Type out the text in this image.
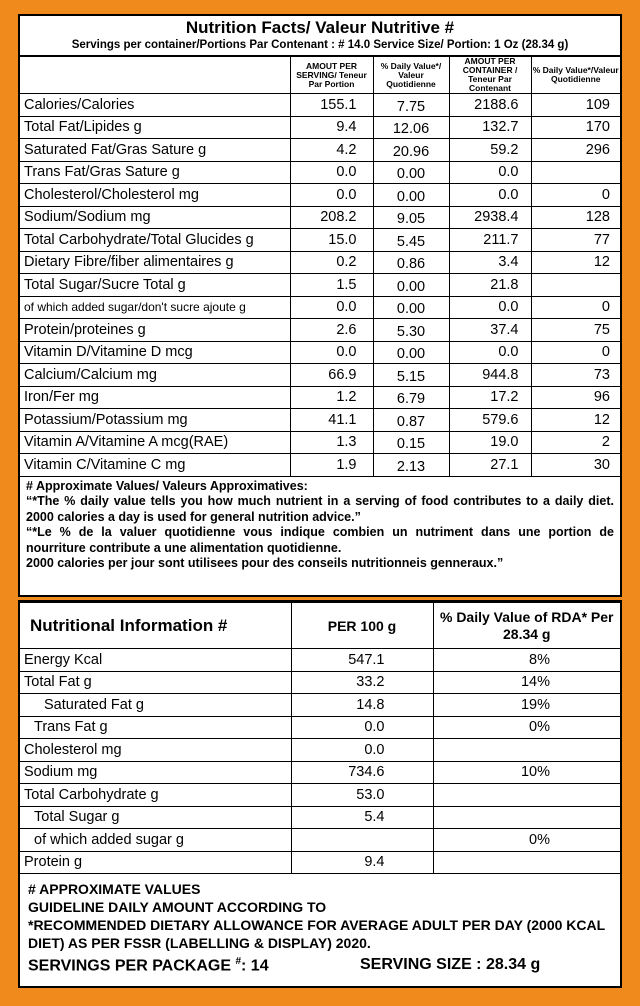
Nutrition Facts/ Valeur Nutritive #
Servings per container/Portions Par Contenant : # 14.0 Service Size/ Portion: 1 Oz (28.34 g)
	AMOUT PER SERVING/ Teneur Par Portion	% Daily Value*/ Valeur Quotidienne	AMOUT PER CONTAINER / Teneur Par Contenant	% Daily Value*/Valeur Quotidienne
Calories/Calories	155.1	7.75	2188.6	109
Total Fat/Lipides g	9.4	12.06	132.7	170
Saturated Fat/Gras Sature g	4.2	20.96	59.2	296
Trans Fat/Gras Sature g	0.0	0.00	0.0	
Cholesterol/Cholesterol mg	0.0	0.00	0.0	0
Sodium/Sodium mg	208.2	9.05	2938.4	128
Total Carbohydrate/Total Glucides g	15.0	5.45	211.7	77
Dietary Fibre/fiber alimentaires g	0.2	0.86	3.4	12
Total Sugar/Sucre Total g	1.5	0.00	21.8	
of which added sugar/don't sucre ajoute g	0.0	0.00	0.0	0
Protein/proteines g	2.6	5.30	37.4	75
Vitamin D/Vitamine D mcg	0.0	0.00	0.0	0
Calcium/Calcium mg	66.9	5.15	944.8	73
Iron/Fer mg	1.2	6.79	17.2	96
Potassium/Potassium mg	41.1	0.87	579.6	12
Vitamin A/Vitamine A mcg(RAE)	1.3	0.15	19.0	2
Vitamin C/Vitamine C mg	1.9	2.13	27.1	30
# Approximate Values/ Valeurs Approximatives:
“*The % daily value tells you how much nutrient in a serving of food contributes to a daily diet. 2000 calories a day is used for general nutrition advice.”
“*Le % de la valuer quotidienne vous indique combien un nutriment dans une portion de nourriture contribute a une alimentation quotidienne.
2000 calories per jour sont utilisees pour des conseils nutritionneis genneraux.”
Nutritional Information #	PER 100 g	% Daily Value of RDA* Per 28.34 g
Energy Kcal	547.1	8%
Total Fat g	33.2	14%
Saturated Fat g	14.8	19%
Trans Fat g	0.0	0%
Cholesterol mg	0.0	
Sodium mg	734.6	10%
Total Carbohydrate g	53.0	
Total Sugar g	5.4	
of which added sugar g		0%
Protein g	9.4	
# APPROXIMATE VALUES
GUIDELINE DAILY AMOUNT ACCORDING TO
*RECOMMENDED DIETARY ALLOWANCE FOR AVERAGE ADULT PER DAY (2000 KCAL DIET) AS PER FSSR (LABELLING & DISPLAY) 2020.
SERVINGS PER PACKAGE #: 14	SERVING SIZE : 28.34 g
